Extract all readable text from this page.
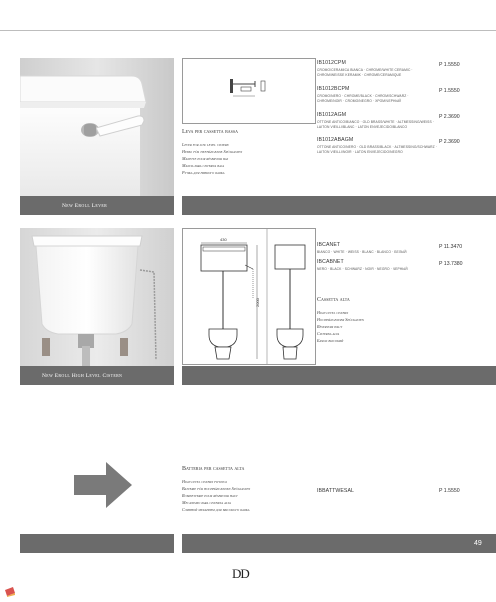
New Eroll Lever
Leva per cassetta bassa
Lever for low level cistern
Hebel für tiefhängende Spülkasten
Manette pour réservoir bas
Manija para cisterna baja
Ручка для низкого бачка
IB1012CPM	P 1.5550
CROMO/CERAMICA BIANCA · CHROME/WHITE CERAMIC ·
CHROM/WEISSE KERAMIK · CHROME/CERAMIQUE
IB1012BCPM	P 1.5550
CROMO/NERO · CHROME/BLACK · CHROM/SCHWARZ ·
CHROME/NOIR · CROMO/NEGRO · ХРОМ/ЧЕРНЫЙ
IB1012AGM	P 2.3690
OTTONE ANTICO/BIANCO · OLD BRASS/WHITE · ALTMESSING/WEISS ·
LAITON VIEILLI/BLANC · LATON ENVEJECIDO/BLANCO
IB1012ABAGM	P 2.3690
OTTONE ANTICO/NERO · OLD BRASS/BLACK · ALTMESSING/SCHWARZ ·
LAITON VIEILLI/NOIR · LATON ENVEJECIDO/NEGRO
New Eroll High Level Cistern
430
2000
IBCANET	P 11.3470
BIANCO · WHITE · WEISS · BLANC · BLANCO · БЕЛЫЙ
IBCABNET	P 13.7380
NERO · BLACK · SCHWARZ · NOIR · NEGRO · ЧЕРНЫЙ
Cassetta alta
High level cistern
Hochhängender Spülkasten
Réservoir haut
Cisterna alta
Бачок высокий
Batteria per cassetta alta
High level cistern fittings
Batterie für hochhängenden Spülkasten
Robinetterie pour réservoir haut
Mecanismo para cisterna alta
Сливной механизм для высокого бачка
IBBATTWESAL	P 1.5550
49
DD
